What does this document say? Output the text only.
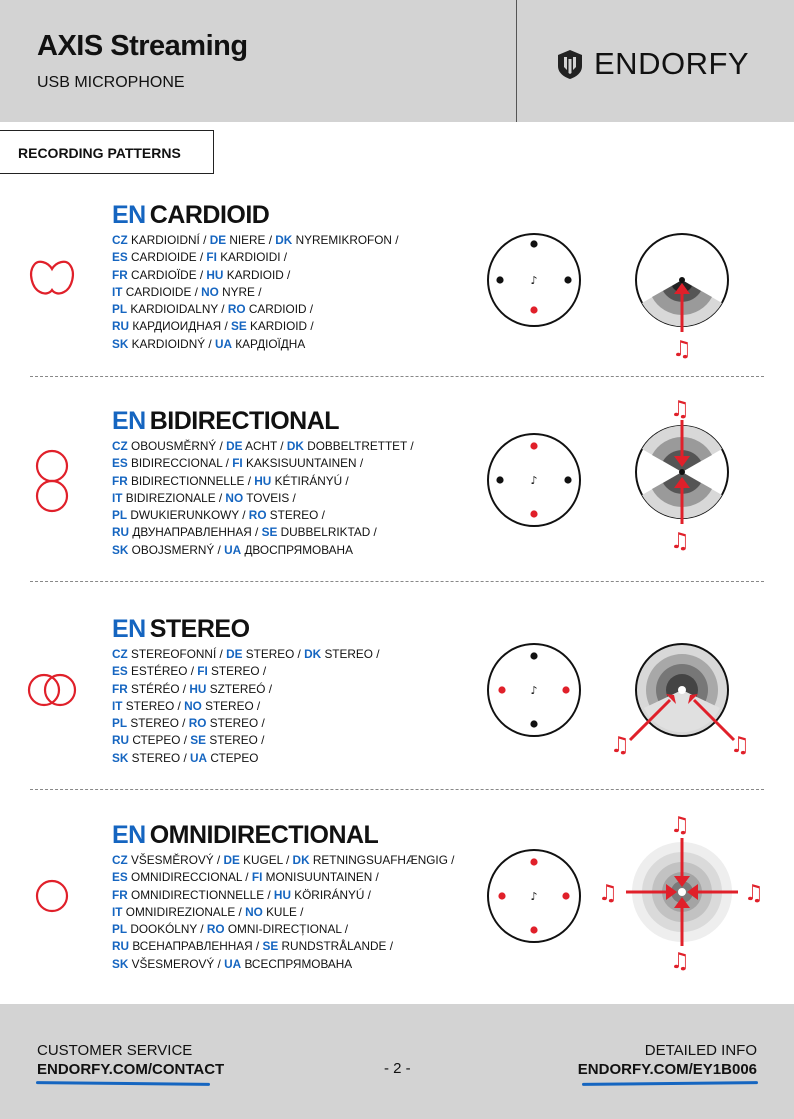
AXIS Streaming
USB MICROPHONE
ENDORFY
RECORDING PATTERNS
EN CARDIOID
CZ KARDIOIDNÍ / DE NIERE / DK NYREMIKROFON /
ES CARDIOIDE / FI KARDIOIDI /
FR CARDIOÏDE / HU KARDIOID /
IT CARDIOIDE / NO NYRE /
PL KARDIOIDALNY / RO CARDIOID /
RU КАРДИОИДНАЯ / SE KARDIOID /
SK KARDIOIDNÝ / UA КАРДІОЇДНА
♪
♫
EN BIDIRECTIONAL
CZ OBOUSMĚRNÝ / DE ACHT / DK DOBBELTRETTET /
ES BIDIRECCIONAL / FI KAKSISUUNTAINEN /
FR BIDIRECTIONNELLE / HU KÉTIRÁNYÚ /
IT BIDIREZIONALE / NO TOVEIS /
PL DWUKIERUNKOWY / RO STEREO /
RU ДВУНАПРАВЛЕННАЯ / SE DUBBELRIKTAD /
SK OBOJSMERNÝ / UA ДВОСПРЯМОВАНА
♪
♫
♫
EN STEREO
CZ STEREOFONNÍ / DE STEREO / DK STEREO /
ES ESTÉREO / FI STEREO /
FR STÉRÉO / HU SZTEREÓ /
IT STEREO / NO STEREO /
PL STEREO / RO STEREO /
RU СТЕРЕО / SE STEREO /
SK STEREO / UA СТЕРЕО
♪
♫	♫
EN OMNIDIRECTIONAL
CZ VŠESMĚROVÝ / DE KUGEL / DK RETNINGSUAFHÆNGIG /
ES OMNIDIRECCIONAL / FI MONISUUNTAINEN /
FR OMNIDIRECTIONNELLE / HU KÖRIRÁNYÚ /
IT OMNIDIREZIONALE / NO KULE /
PL DOOKÓLNY / RO OMNI-DIRECȚIONAL /
RU ВСЕНАПРАВЛЕННАЯ / SE RUNDSTRÅLANDE /
SK VŠESMEROVÝ / UA ВСЕСПРЯМОВАНА
♪
♫
♫
♫	♫
CUSTOMER SERVICE
ENDORFY.COM/CONTACT	- 2 -
DETAILED INFO
ENDORFY.COM/EY1B006
